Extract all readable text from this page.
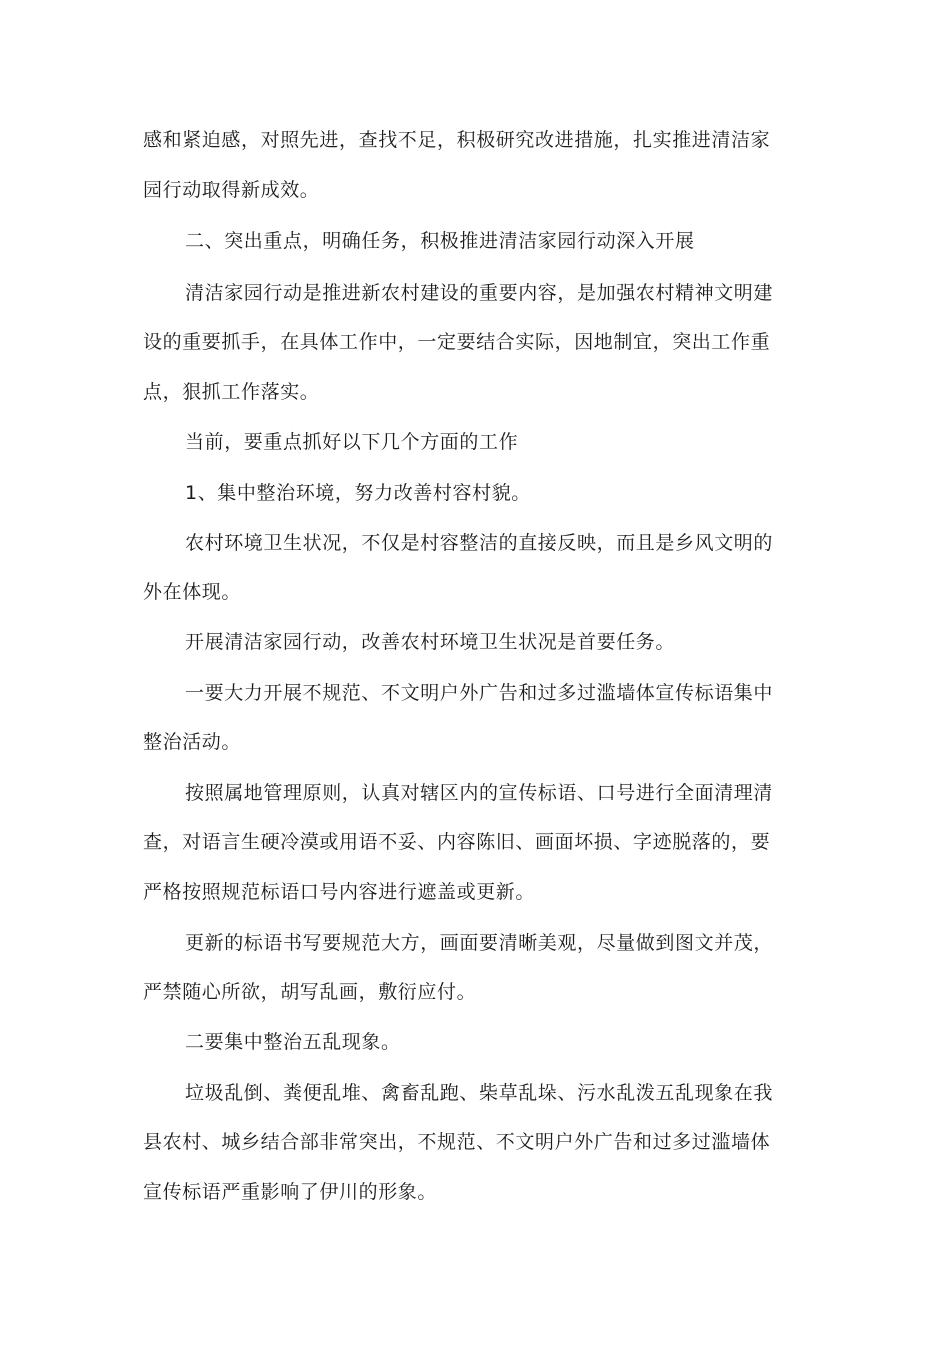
感和紧迫感，对照先进，查找不足，积极研究改进措施，扎实推进清洁家

园行动取得新成效。

二、突出重点，明确任务，积极推进清洁家园行动深入开展

清洁家园行动是推进新农村建设的重要内容，是加强农村精神文明建

设的重要抓手，在具体工作中，一定要结合实际，因地制宜，突出工作重

点，狠抓工作落实。

当前，要重点抓好以下几个方面的工作

1、集中整治环境，努力改善村容村貌。

农村环境卫生状况，不仅是村容整洁的直接反映，而且是乡风文明的

外在体现。

开展清洁家园行动，改善农村环境卫生状况是首要任务。

一要大力开展不规范、不文明户外广告和过多过滥墙体宣传标语集中

整治活动。

按照属地管理原则，认真对辖区内的宣传标语、口号进行全面清理清

查，对语言生硬冷漠或用语不妥、内容陈旧、画面坏损、字迹脱落的，要

严格按照规范标语口号内容进行遮盖或更新。

更新的标语书写要规范大方，画面要清晰美观，尽量做到图文并茂，

严禁随心所欲，胡写乱画，敷衍应付。

二要集中整治五乱现象。

垃圾乱倒、粪便乱堆、禽畜乱跑、柴草乱垛、污水乱泼五乱现象在我

县农村、城乡结合部非常突出，不规范、不文明户外广告和过多过滥墙体

宣传标语严重影响了伊川的形象。
